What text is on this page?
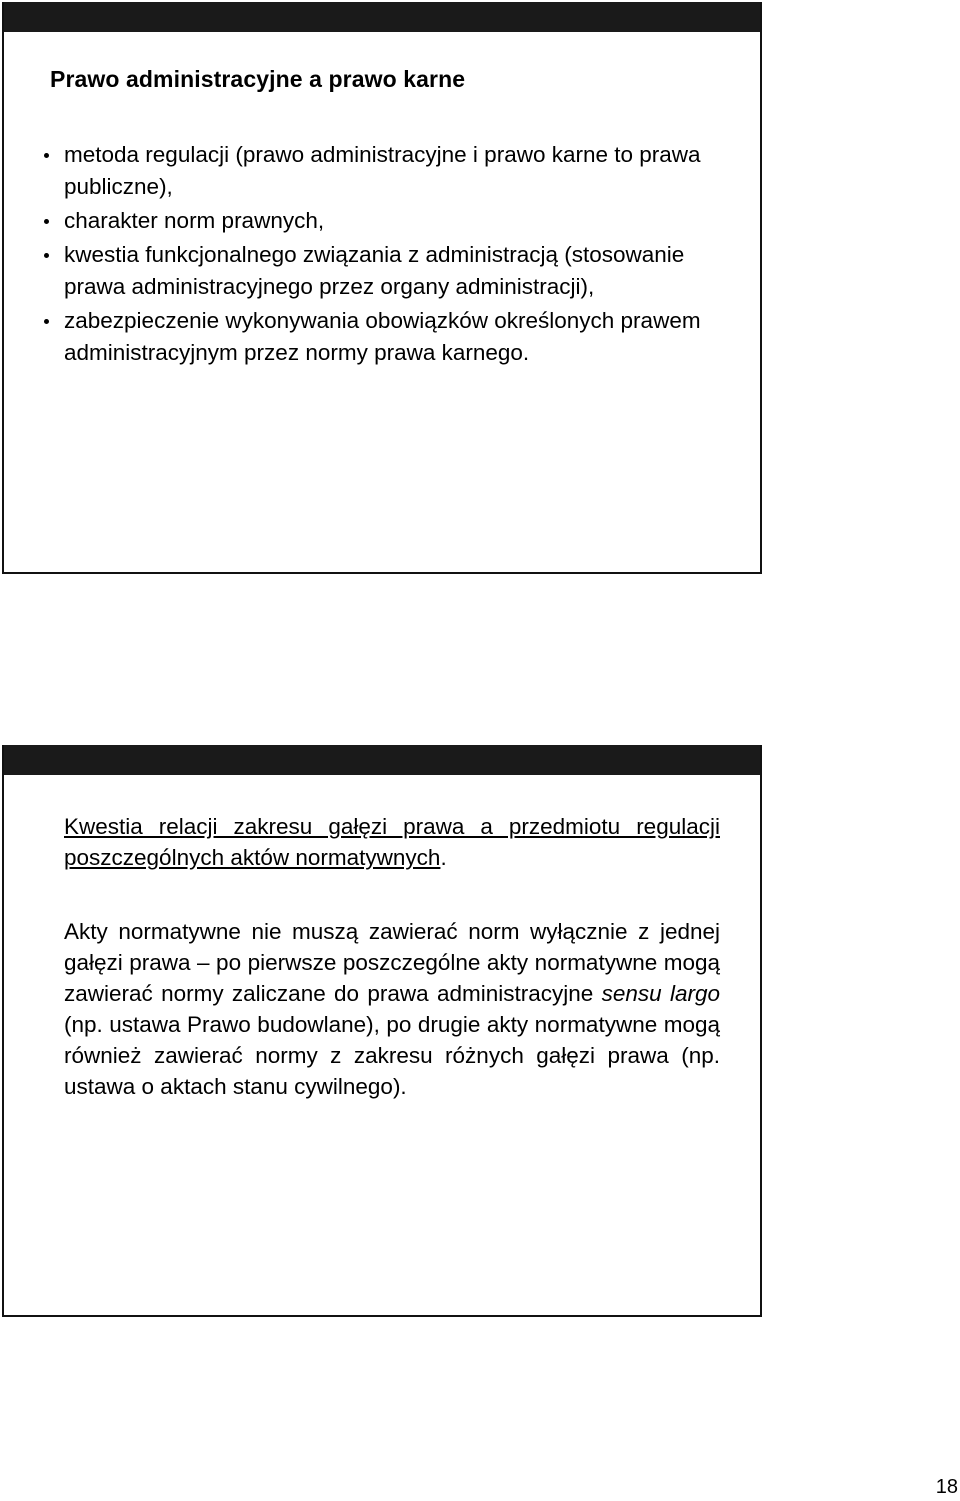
Prawo administracyjne a prawo karne
metoda regulacji (prawo administracyjne i prawo karne to prawa publiczne),
charakter norm prawnych,
kwestia funkcjonalnego związania z administracją (stosowanie prawa administracyjnego przez organy administracji),
zabezpieczenie wykonywania obowiązków określonych prawem administracyjnym przez normy prawa karnego.
Kwestia relacji zakresu gałęzi prawa a przedmiotu regulacji poszczególnych aktów normatywnych.
Akty normatywne nie muszą zawierać norm wyłącznie z jednej gałęzi prawa – po pierwsze poszczególne akty normatywne mogą zawierać normy zaliczane do prawa administracyjne sensu largo (np. ustawa Prawo budowlane), po drugie akty normatywne mogą również zawierać normy z zakresu różnych gałęzi prawa (np. ustawa o aktach stanu cywilnego).
18
